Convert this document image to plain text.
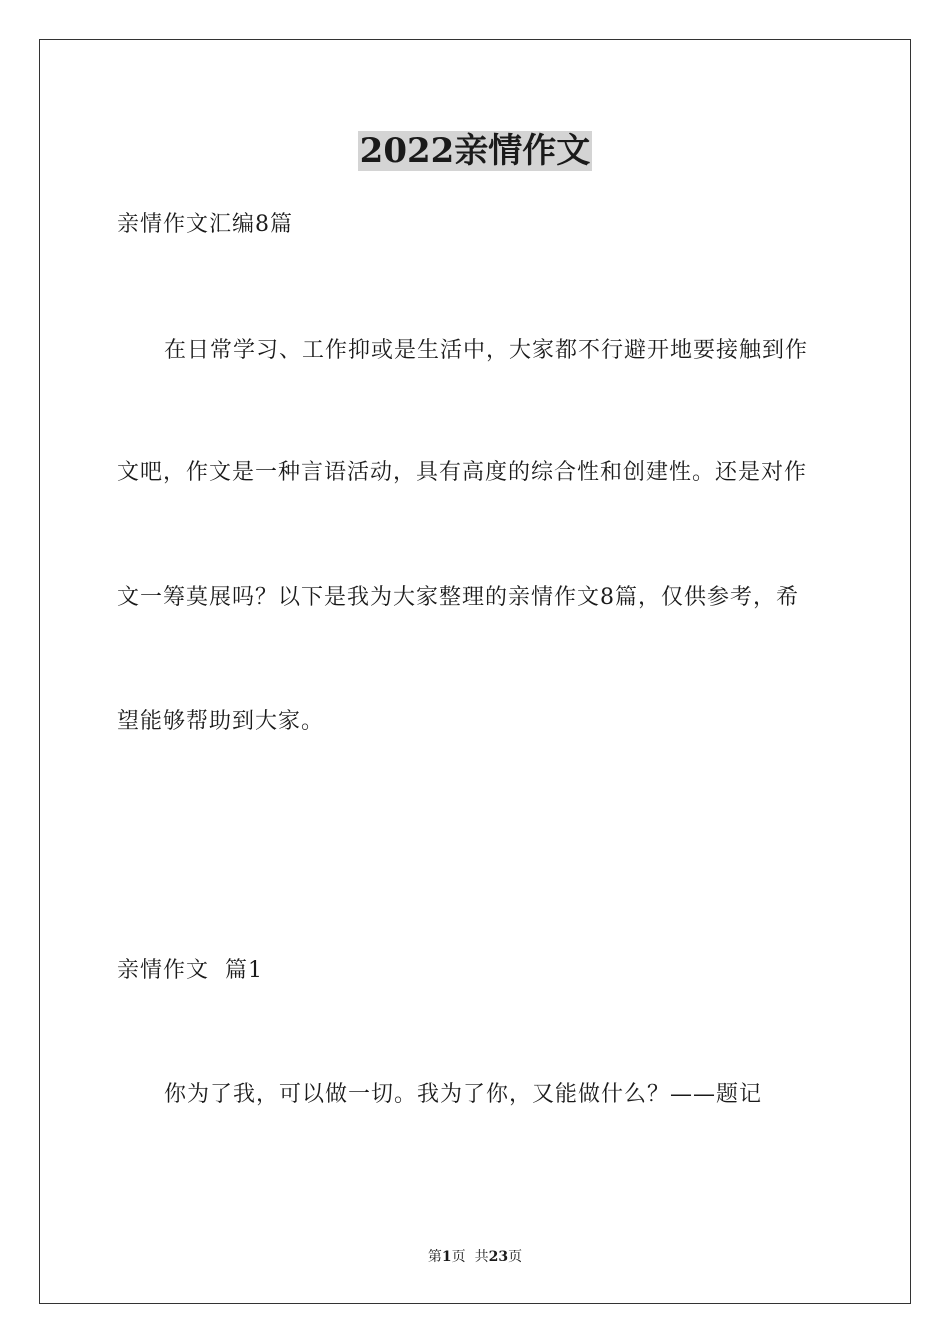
2022亲情作文
亲情作文汇编8篇
在日常学习、工作抑或是生活中，大家都不行避开地要接触到作
文吧，作文是一种言语活动，具有高度的综合性和创建性。还是对作
文一筹莫展吗？以下是我为大家整理的亲情作文8篇，仅供参考，希
望能够帮助到大家。
亲情作文  篇1
你为了我，可以做一切。我为了你，又能做什么？——题记
第1页  共23页
